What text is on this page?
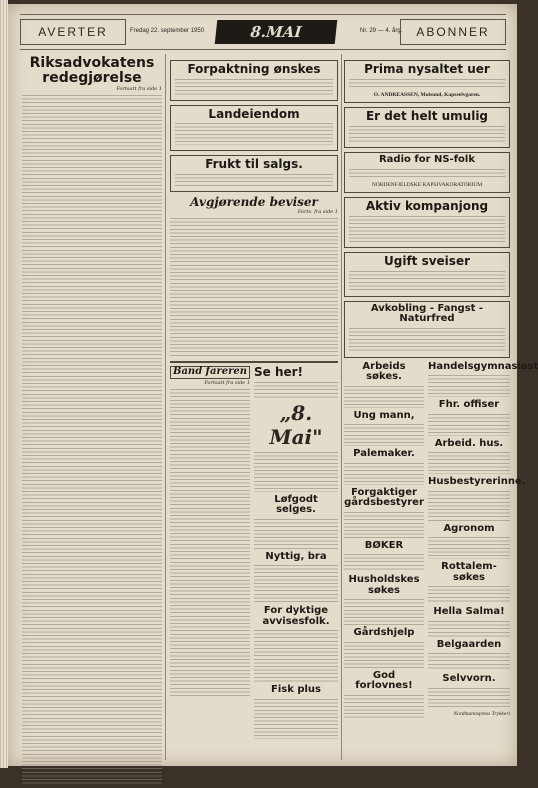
AVERTER	Fredag 22. september 1950	8.MAI	Nr. 29 — 4. årg.	ABONNER
Riksadvokatens redegjørelse
Fortsatt fra side 1
Forpaktning ønskes
Landeiendom
Frukt til salgs.
Avgjørende beviser
Forts. fra side 1
Band fareren
Fortsatt fra side 1
Se her!
„8. Mai"
Løfgodt selges.
Nyttig, bra
For dyktige avvisesfolk.
Fisk plus
Prima nysaltet uer
O. ANDREASSEN, Molsund, Kapseelvgaren.
Er det helt umulig
Radio for NS-folk
NORDENFJELDSKE KAPSIVAKORATORIUM
Aktiv kompanjong
Ugift sveiser
Avkobling - Fangst - Naturfred
Arbeids søkes.
Ung mann,
Palemaker.
Forgaktiger gårdsbestyrer
BØKER
Husholdskes søkes
Gårdshjelp
God forlovnes!
Handelsgymnasiast
Fhr. offiser
Arbeid. hus.
Husbestyrerinne.
Agronom
Rottalem-søkes
Hella Salma!
Belgaarden
Selvvorn.
Nordmannspress Trykkeri
